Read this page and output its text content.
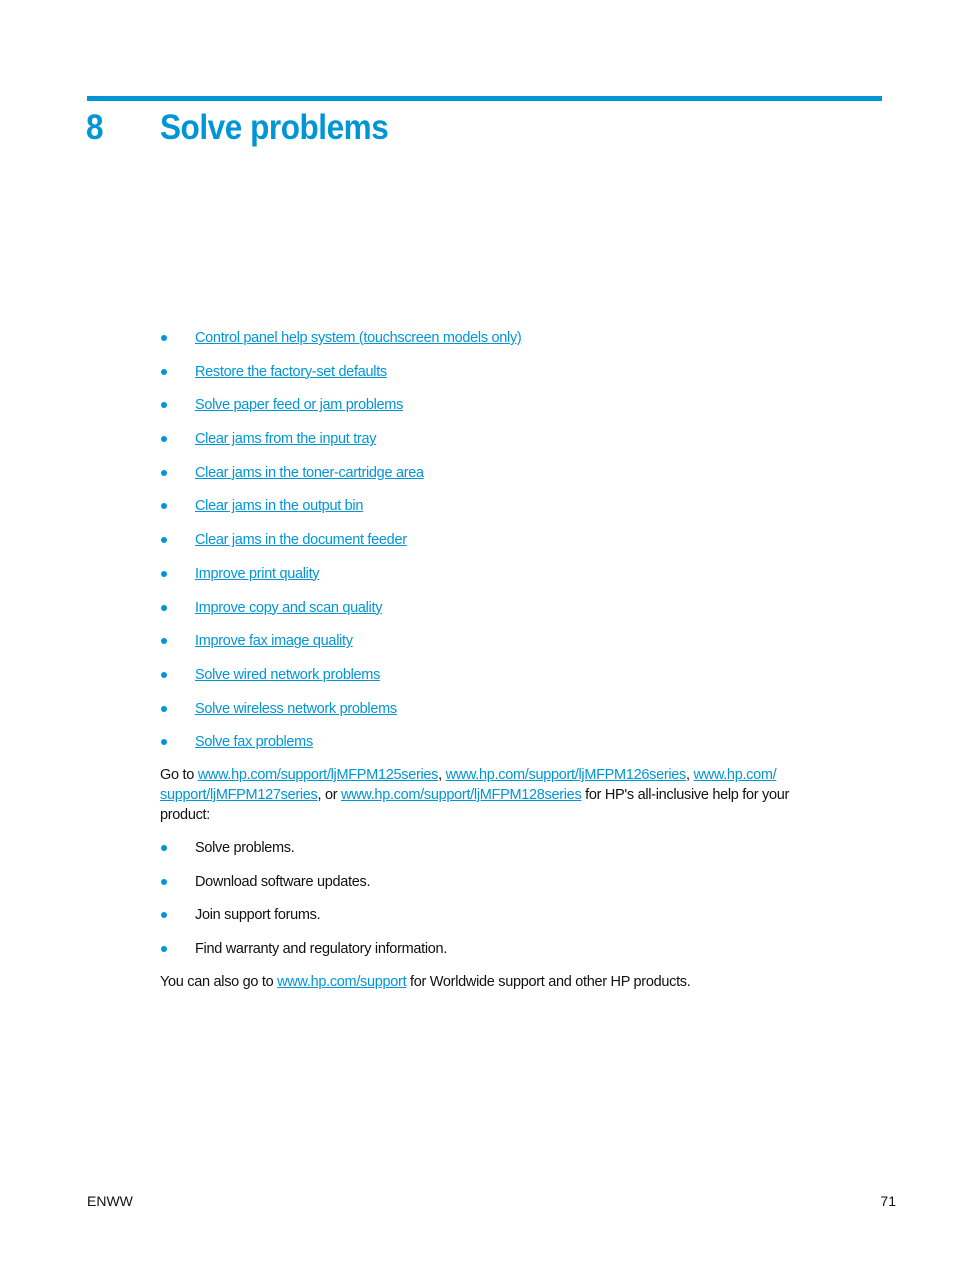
8 Solve problems
Control panel help system (touchscreen models only)
Restore the factory-set defaults
Solve paper feed or jam problems
Clear jams from the input tray
Clear jams in the toner-cartridge area
Clear jams in the output bin
Clear jams in the document feeder
Improve print quality
Improve copy and scan quality
Improve fax image quality
Solve wired network problems
Solve wireless network problems
Solve fax problems
Go to www.hp.com/support/ljMFPM125series, www.hp.com/support/ljMFPM126series, www.hp.com/
support/ljMFPM127series, or www.hp.com/support/ljMFPM128series for HP's all-inclusive help for your
product:
Solve problems.
Download software updates.
Join support forums.
Find warranty and regulatory information.
You can also go to www.hp.com/support for Worldwide support and other HP products.
ENWW	71
